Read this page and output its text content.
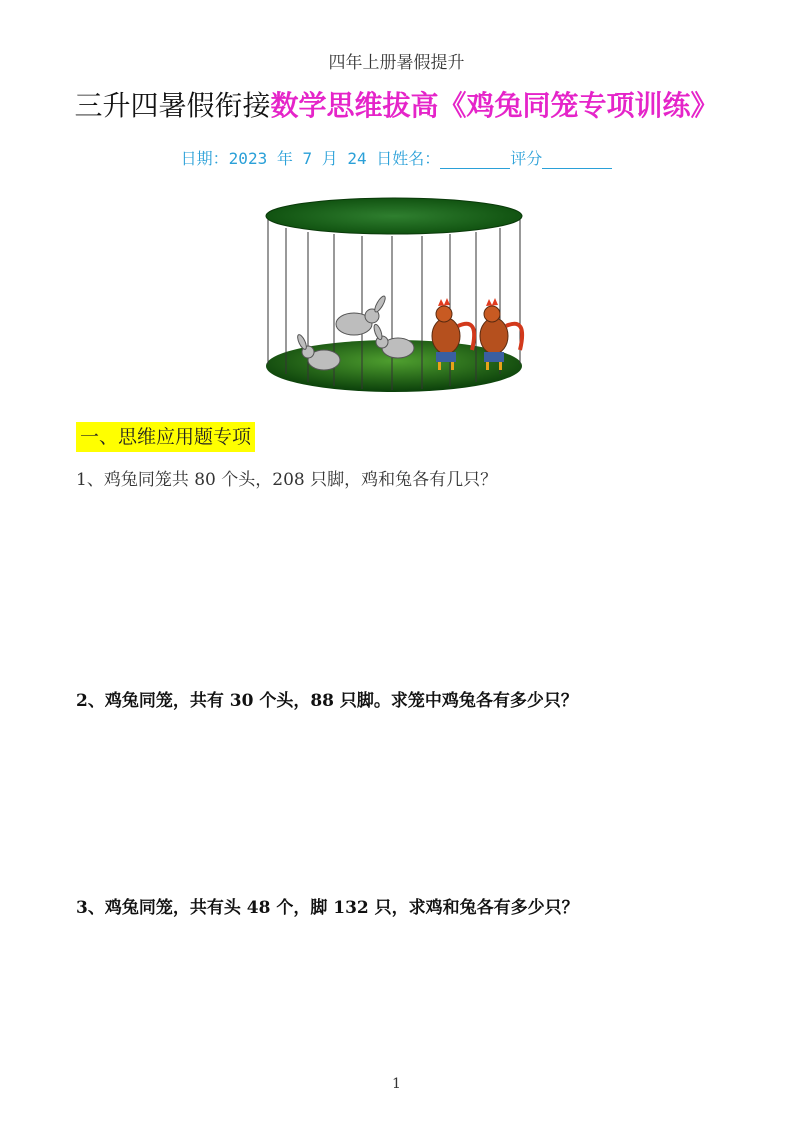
四年上册暑假提升
三升四暑假衔接数学思维拔高《鸡兔同笼专项训练》
日期：2023 年 7 月 24 日姓名：	评分
一、思维应用题专项
1、鸡兔同笼共 80 个头，208 只脚，鸡和兔各有几只？
2、鸡兔同笼，共有 30 个头，88 只脚。求笼中鸡兔各有多少只？
3、鸡兔同笼，共有头 48 个，脚 132 只，求鸡和兔各有多少只？
1
